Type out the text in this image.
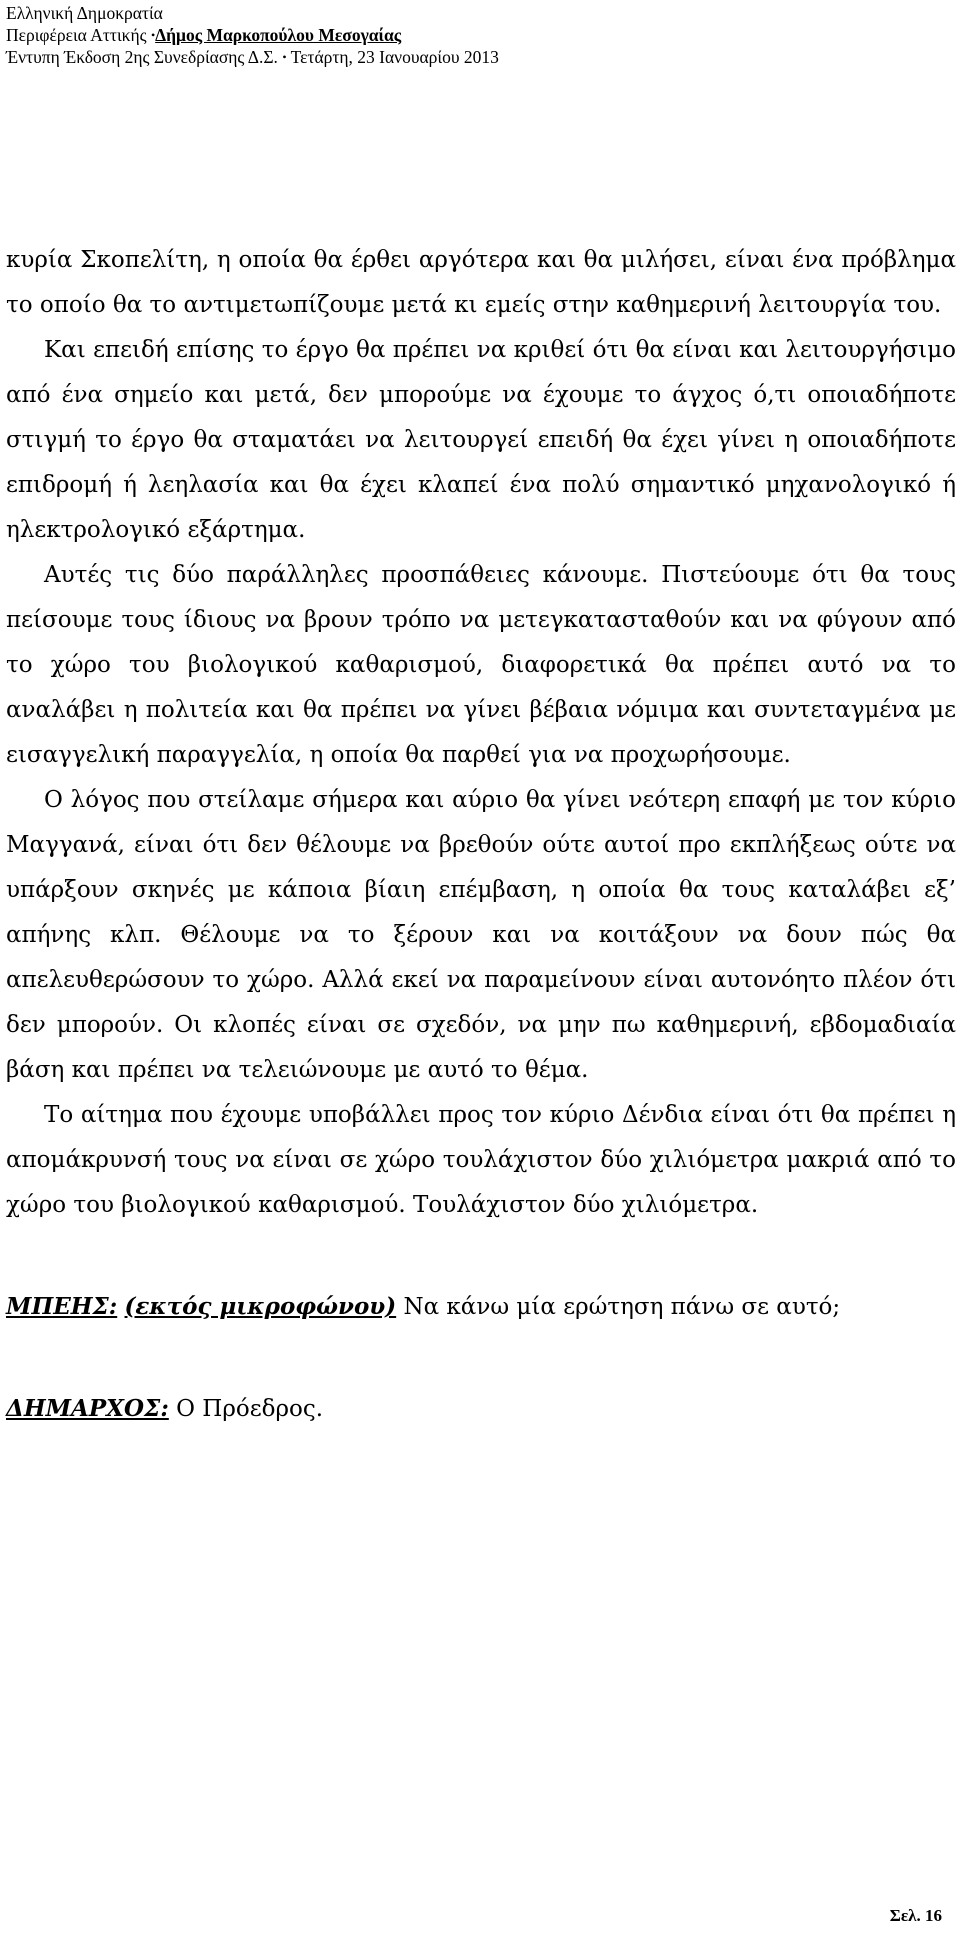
Ελληνική Δημοκρατία
Περιφέρεια Αττικής •Δήμος Μαρκοπούλου Μεσογαίας
Έντυπη Έκδοση 2ης Συνεδρίασης Δ.Σ. • Τετάρτη, 23 Ιανουαρίου 2013

κυρία Σκοπελίτη, η οποία θα έρθει αργότερα και θα μιλήσει, είναι ένα πρόβλημα το οποίο θα το αντιμετωπίζουμε μετά κι εμείς στην καθημερινή λειτουργία του.

Και επειδή επίσης το έργο θα πρέπει να κριθεί ότι θα είναι και λειτουργήσιμο από ένα σημείο και μετά, δεν μπορούμε να έχουμε το άγχος ό,τι οποιαδήποτε στιγμή το έργο θα σταματάει να λειτουργεί επειδή θα έχει γίνει η οποιαδήποτε επιδρομή ή λεηλασία και θα έχει κλαπεί ένα πολύ σημαντικό μηχανολογικό ή ηλεκτρολογικό εξάρτημα.

Αυτές τις δύο παράλληλες προσπάθειες κάνουμε. Πιστεύουμε ότι θα τους πείσουμε τους ίδιους να βρουν τρόπο να μετεγκατασταθούν και να φύγουν από το χώρο του βιολογικού καθαρισμού, διαφορετικά θα πρέπει αυτό να το αναλάβει η πολιτεία και θα πρέπει να γίνει βέβαια νόμιμα και συντεταγμένα με εισαγγελική παραγγελία, η οποία θα παρθεί για να προχωρήσουμε.

Ο λόγος που στείλαμε σήμερα και αύριο θα γίνει νεότερη επαφή με τον κύριο Μαγγανά, είναι ότι δεν θέλουμε να βρεθούν ούτε αυτοί προ εκπλήξεως ούτε να υπάρξουν σκηνές με κάποια βίαιη επέμβαση, η οποία θα τους καταλάβει εξ’ απήνης κλπ. Θέλουμε να το ξέρουν και να κοιτάξουν να δουν πώς θα απελευθερώσουν το χώρο. Αλλά εκεί να παραμείνουν είναι αυτονόητο πλέον ότι δεν μπορούν. Οι κλοπές είναι σε σχεδόν, να μην πω καθημερινή, εβδομαδιαία βάση και πρέπει να τελειώνουμε με αυτό το θέμα.

Το αίτημα που έχουμε υποβάλλει προς τον κύριο Δένδια είναι ότι θα πρέπει η απομάκρυνσή τους να είναι σε χώρο τουλάχιστον δύο χιλιόμετρα μακριά από το χώρο του βιολογικού καθαρισμού. Τουλάχιστον δύο χιλιόμετρα.

ΜΠΕΗΣ: (εκτός μικροφώνου) Να κάνω μία ερώτηση πάνω σε αυτό;

ΔΗΜΑΡΧΟΣ: Ο Πρόεδρος.

Σελ. 16
